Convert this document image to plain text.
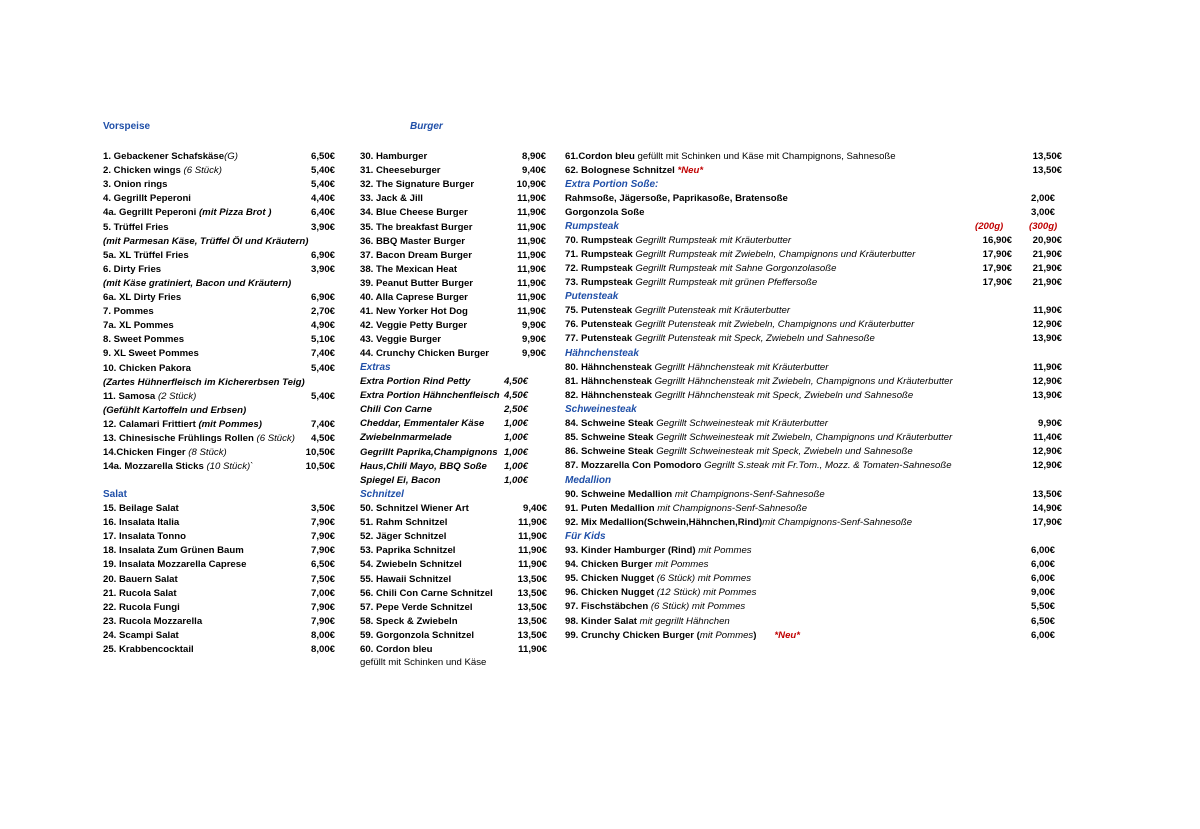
Vorspeise
1. Gebackener Schafskäse(G)	6,50€
2. Chicken wings (6 Stück)	5,40€
3. Onion rings	5,40€
4. Gegrillt Peperoni	4,40€
4a. Gegrillt Peperoni (mit Pizza Brot )	6,40€
5. Trüffel Fries	3,90€
(mit Parmesan Käse, Trüffel Öl und Kräutern)
5a. XL Trüffel Fries	6,90€
6. Dirty Fries	3,90€
(mit Käse gratiniert, Bacon und Kräutern)
6a. XL Dirty Fries	6,90€
7. Pommes	2,70€
7a. XL Pommes	4,90€
8. Sweet Pommes	5,10€
9. XL Sweet Pommes	7,40€
10. Chicken Pakora	5,40€
(Zartes Hühnerfleisch im Kichererbsen Teig)
11. Samosa (2 Stück)	5,40€
(Gefühlt Kartoffeln und Erbsen)
12. Calamari Frittiert (mit Pommes)	7,40€
13. Chinesische Frühlings Rollen (6 Stück)	4,50€
14.Chicken Finger (8 Stück)	10,50€
14a. Mozzarella Sticks (10 Stück)`	10,50€
Salat
15. Beilage Salat	3,50€
16. Insalata Italia	7,90€
17. Insalata Tonno	7,90€
18. Insalata Zum Grünen Baum	7,90€
19. Insalata Mozzarella Caprese	6,50€
20. Bauern Salat	7,50€
21. Rucola Salat	7,00€
22. Rucola Fungi	7,90€
23. Rucola Mozzarella	7,90€
24. Scampi Salat	8,00€
25. Krabbencocktail	8,00€
Burger
30. Hamburger	8,90€
31. Cheeseburger	9,40€
32. The Signature Burger	10,90€
33. Jack & Jill	11,90€
34. Blue Cheese Burger	11,90€
35. The breakfast Burger	11,90€
36. BBQ Master Burger	11,90€
37. Bacon Dream Burger	11,90€
38. The Mexican Heat	11,90€
39. Peanut Butter Burger	11,90€
40. Alla Caprese Burger	11,90€
41. New Yorker Hot Dog	11,90€
42. Veggie Petty Burger	9,90€
43. Veggie Burger	9,90€
44. Crunchy Chicken Burger	9,90€
Extras
Extra Portion Rind Petty	4,50€
Extra Portion Hähnchenfleisch 4,50€
Chili Con Carne	2,50€
Cheddar, Emmentaler Käse	1,00€
Zwiebelnmarmelade	1,00€
Gegrillt Paprika,Champignons 1,00€
Haus,Chili Mayo, BBQ Soße	1,00€
Spiegel Ei, Bacon	1,00€
Schnitzel
50. Schnitzel Wiener Art	9,40€
51. Rahm Schnitzel	11,90€
52. Jäger Schnitzel	11,90€
53. Paprika Schnitzel	11,90€
54. Zwiebeln Schnitzel	11,90€
55. Hawaii Schnitzel	13,50€
56. Chili Con Carne Schnitzel	13,50€
57. Pepe Verde Schnitzel	13,50€
58. Speck & Zwiebeln	13,50€
59. Gorgonzola Schnitzel	13,50€
60. Cordon bleu	11,90€
gefüllt mit Schinken und Käse
61.Cordon bleu gefüllt mit Schinken und Käse mit Champignons, Sahnesoße	13,50€
62. Bolognese Schnitzel *Neu*	13,50€
Extra Portion Soße:
Rahmsoße, Jägersoße, Paprikasoße, Bratensoße	2,00€
Gorgonzola Soße	3,00€
Rumpsteak	(200g)	(300g)
70. Rumpsteak Gegrillt Rumpsteak mit Kräuterbutter	16,90€	20,90€
71. Rumpsteak Gegrillt Rumpsteak mit Zwiebeln, Champignons und Kräuterbutter	17,90€	21,90€
72. Rumpsteak Gegrillt Rumpsteak mit Sahne Gorgonzolasoße	17,90€	21,90€
73. Rumpsteak Gegrillt Rumpsteak mit grünen Pfeffersoße	17,90€	21,90€
Putensteak
75. Putensteak Gegrillt Putensteak mit Kräuterbutter	11,90€
76. Putensteak Gegrillt Putensteak mit Zwiebeln, Champignons und Kräuterbutter	12,90€
77. Putensteak Gegrillt Putensteak mit Speck, Zwiebeln und Sahnesoße	13,90€
Hähnchensteak
80. Hähnchensteak Gegrillt Hähnchensteak mit Kräuterbutter	11,90€
81. Hähnchensteak Gegrillt Hähnchensteak mit Zwiebeln, Champignons und Kräuterbutter	12,90€
82. Hähnchensteak Gegrillt Hähnchensteak mit Speck, Zwiebeln und Sahnesoße	13,90€
Schweinesteak
84. Schweine Steak Gegrillt Schweinesteak mit Kräuterbutter	9,90€
85. Schweine Steak Gegrillt Schweinesteak mit Zwiebeln, Champignons und Kräuterbutter	11,40€
86. Schweine Steak Gegrillt Schweinesteak mit Speck, Zwiebeln und Sahnesoße	12,90€
87. Mozzarella Con Pomodoro Gegrillt S.steak mit Fr.Tom., Mozz. & Tomaten-Sahnesoße	12,90€
Medallion
90. Schweine Medallion mit Champignons-Senf-Sahnesoße	13,50€
91. Puten Medallion mit Champignons-Senf-Sahnesoße	14,90€
92. Mix Medallion(Schwein,Hähnchen,Rind)mit Champignons-Senf-Sahnesoße	17,90€
Für Kids
93. Kinder Hamburger (Rind) mit Pommes	6,00€
94. Chicken Burger mit Pommes	6,00€
95. Chicken Nugget (6 Stück) mit Pommes	6,00€
96. Chicken Nugget (12 Stück) mit Pommes	9,00€
97. Fischstäbchen (6 Stück) mit Pommes	5,50€
98. Kinder Salat mit gegrillt Hähnchen	6,50€
99. Crunchy Chicken Burger (mit Pommes) *Neu*	6,00€
